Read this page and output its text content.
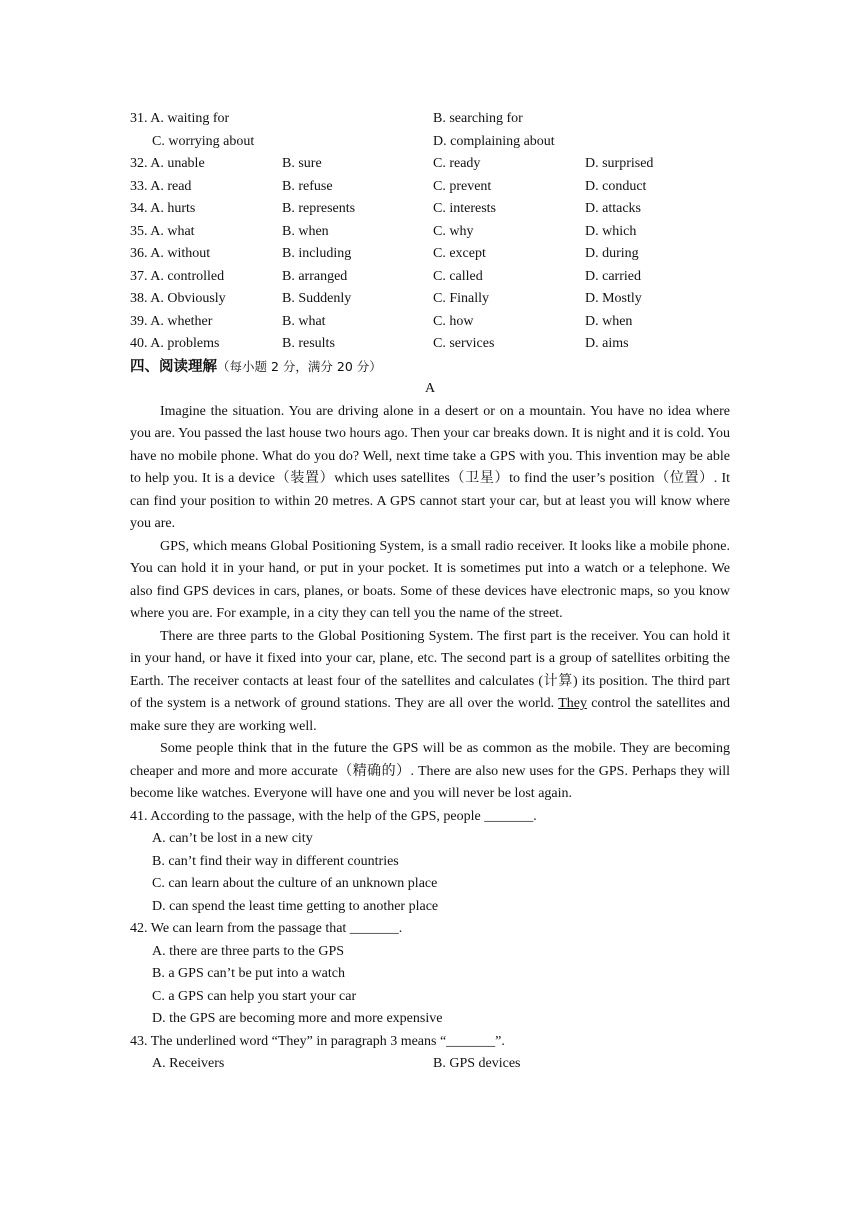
31. A. waiting for	B. searching for
C. worrying about	D. complaining about
32. A. unable	B. sure	C. ready	D. surprised
33. A. read	B. refuse	C. prevent	D. conduct
34. A. hurts	B. represents	C. interests	D. attacks
35. A. what	B. when	C. why	D. which
36. A. without	B. including	C. except	D. during
37. A. controlled	B. arranged	C. called	D. carried
38. A. Obviously	B. Suddenly	C. Finally	D. Mostly
39. A. whether	B. what	C. how	D. when
40. A. problems	B. results	C. services	D. aims
四、阅读理解（每小题 2 分，满分 20 分）
A

Imagine the situation. You are driving alone in a desert or on a mountain. You have no idea where you are. You passed the last house two hours ago. Then your car breaks down. It is night and it is cold. You have no mobile phone. What do you do? Well, next time take a GPS with you. This invention may be able to help you. It is a device（装置）which uses satellites（卫星）to find the user’s position（位置）. It can find your position to within 20 metres. A GPS cannot start your car, but at least you will know where you are.

GPS, which means Global Positioning System, is a small radio receiver. It looks like a mobile phone. You can hold it in your hand, or put in your pocket. It is sometimes put into a watch or a telephone. We also find GPS devices in cars, planes, or boats. Some of these devices have electronic maps, so you know where you are. For example, in a city they can tell you the name of the street.

There are three parts to the Global Positioning System. The first part is the receiver. You can hold it in your hand, or have it fixed into your car, plane, etc. The second part is a group of satellites orbiting the Earth. The receiver contacts at least four of the satellites and calculates (计算) its position. The third part of the system is a network of ground stations. They are all over the world. They control the satellites and make sure they are working well.

Some people think that in the future the GPS will be as common as the mobile. They are becoming cheaper and more and more accurate（精确的）. There are also new uses for the GPS. Perhaps they will become like watches. Everyone will have one and you will never be lost again.

41. According to the passage, with the help of the GPS, people _______.
A. can’t be lost in a new city
B. can’t find their way in different countries
C. can learn about the culture of an unknown place
D. can spend the least time getting to another place
42. We can learn from the passage that _______.
A. there are three parts to the GPS
B. a GPS can’t be put into a watch
C. a GPS can help you start your car
D. the GPS are becoming more and more expensive
43. The underlined word “They” in paragraph 3 means “_______”.
A. Receivers	B. GPS devices
